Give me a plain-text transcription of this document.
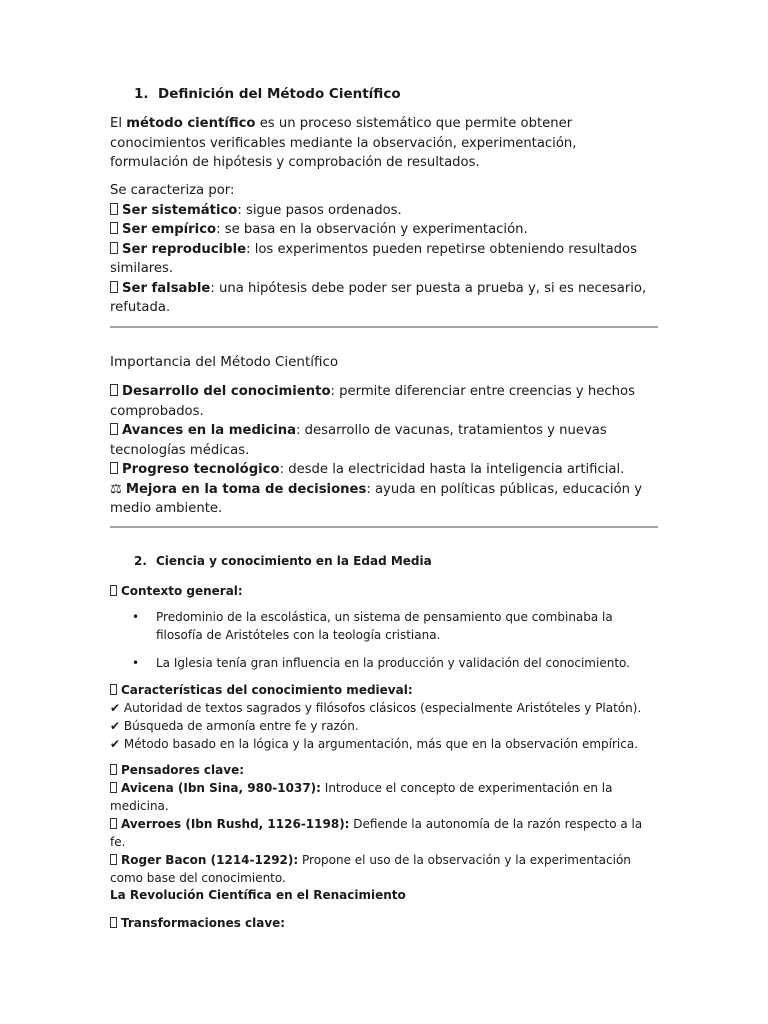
1. Definición del Método Científico
El método científico es un proceso sistemático que permite obtener conocimientos verificables mediante la observación, experimentación, formulación de hipótesis y comprobación de resultados.
Se caracteriza por:
Ser sistemático: sigue pasos ordenados.
Ser empírico: se basa en la observación y experimentación.
Ser reproducible: los experimentos pueden repetirse obteniendo resultados similares.
Ser falsable: una hipótesis debe poder ser puesta a prueba y, si es necesario, refutada.
Importancia del Método Científico
Desarrollo del conocimiento: permite diferenciar entre creencias y hechos comprobados.
Avances en la medicina: desarrollo de vacunas, tratamientos y nuevas tecnologías médicas.
Progreso tecnológico: desde la electricidad hasta la inteligencia artificial.
⚖ Mejora en la toma de decisiones: ayuda en políticas públicas, educación y medio ambiente.
2. Ciencia y conocimiento en la Edad Media
Contexto general:
• Predominio de la escolástica, un sistema de pensamiento que combinaba la filosofía de Aristóteles con la teología cristiana.
• La Iglesia tenía gran influencia en la producción y validación del conocimiento.
Características del conocimiento medieval:
✔ Autoridad de textos sagrados y filósofos clásicos (especialmente Aristóteles y Platón).
✔ Búsqueda de armonía entre fe y razón.
✔ Método basado en la lógica y la argumentación, más que en la observación empírica.
Pensadores clave:
Avicena (Ibn Sina, 980-1037): Introduce el concepto de experimentación en la medicina.
Averroes (Ibn Rushd, 1126-1198): Defiende la autonomía de la razón respecto a la fe.
Roger Bacon (1214-1292): Propone el uso de la observación y la experimentación como base del conocimiento.
La Revolución Científica en el Renacimiento
Transformaciones clave:
